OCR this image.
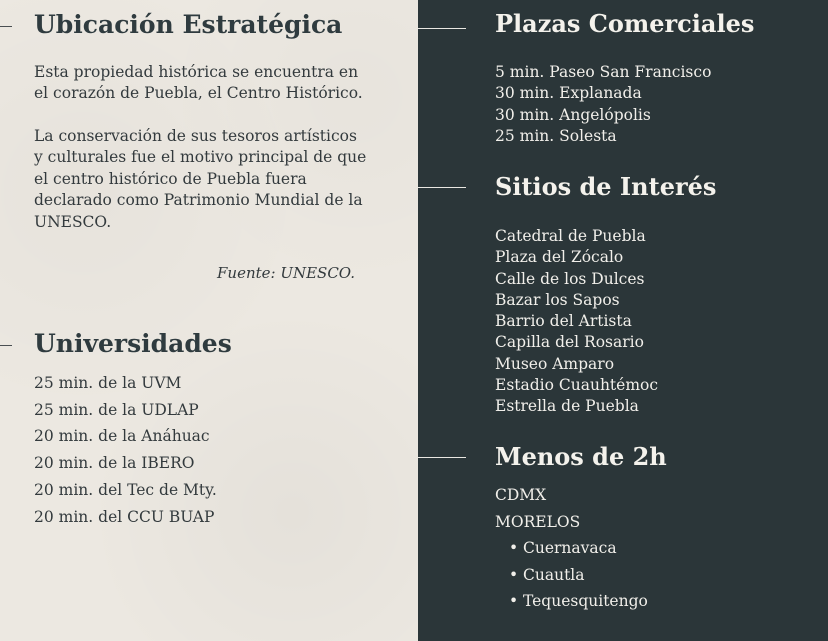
Ubicación Estratégica

Esta propiedad histórica se encuentra en el corazón de Puebla, el Centro Histórico.

La conservación de sus tesoros artísticos y culturales fue el motivo principal de que el centro histórico de Puebla fuera declarado como Patrimonio Mundial de la UNESCO.

Fuente: UNESCO.

Universidades
25 min. de la UVM
25 min. de la UDLAP
20 min. de la Anáhuac
20 min. de la IBERO
20 min. del Tec de Mty.
20 min. del CCU BUAP
Plazas Comerciales
5 min. Paseo San Francisco
30 min. Explanada
30 min. Angelópolis
25 min. Solesta
Sitios de Interés
Catedral de Puebla
Plaza del Zócalo
Calle de los Dulces
Bazar los Sapos
Barrio del Artista
Capilla del Rosario
Museo Amparo
Estadio Cuauhtémoc
Estrella de Puebla
Menos de 2h
CDMX
MORELOS
• Cuernavaca
• Cuautla
• Tequesquitengo
